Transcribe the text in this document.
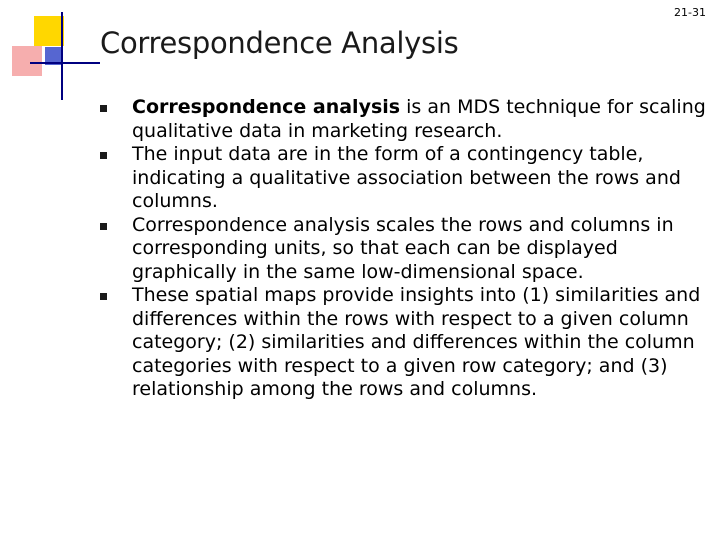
21-31
Correspondence Analysis
Correspondence analysis is an MDS technique for scaling qualitative data in marketing research.
The input data are in the form of a contingency table, indicating a qualitative association between the rows and columns.
Correspondence analysis scales the rows and columns in corresponding units, so that each can be displayed graphically in the same low-dimensional space.
These spatial maps provide insights into (1) similarities and differences within the rows with respect to a given column category; (2) similarities and differences within the column categories with respect to a given row category; and (3) relationship among the rows and columns.
